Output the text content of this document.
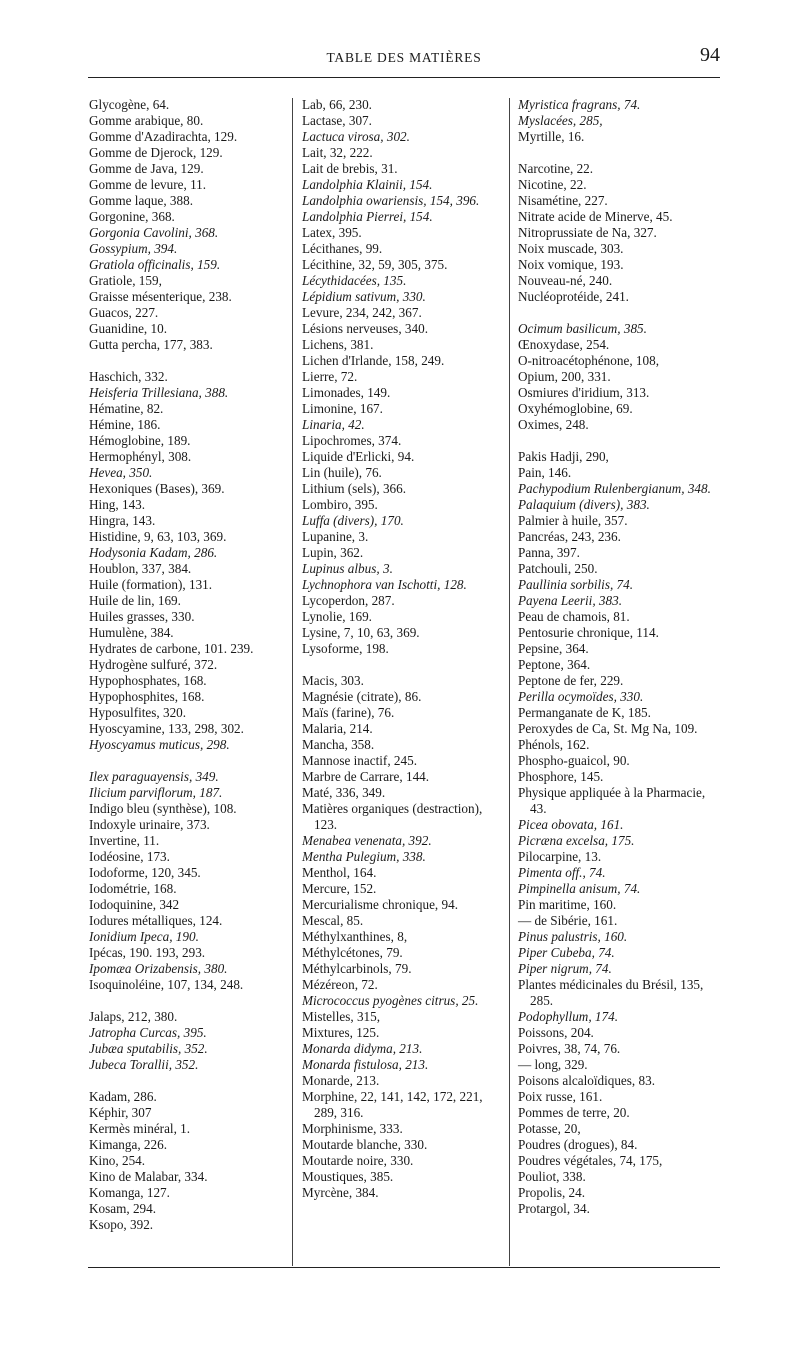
TABLE DES MATIÈRES	94

Glycogène, 64.

Gomme arabique, 80.

Gomme d'Azadirachta, 129.

Gomme de Djerock, 129.

Gomme de Java, 129.

Gomme de levure, 11.

Gomme laque, 388.

Gorgonine, 368.

Gorgonia Cavolini, 368.

Gossypium, 394.

Gratiola officinalis, 159.

Gratiole, 159,

Graisse mésenterique, 238.

Guacos, 227.

Guanidine, 10.

Gutta percha, 177, 383.

Haschich, 332.

Heisferia Trillesiana, 388.

Hématine, 82.

Hémine, 186.

Hémoglobine, 189.

Hermophényl, 308.

Hevea, 350.

Hexoniques (Bases), 369.

Hing, 143.

Hingra, 143.

Histidine, 9, 63, 103, 369.

Hodysonia Kadam, 286.

Houblon, 337, 384.

Huile (formation), 131.

Huile de lin, 169.

Huiles grasses, 330.

Humulène, 384.

Hydrates de carbone, 101. 239.

Hydrogène sulfuré, 372.

Hypophosphates, 168.

Hypophosphites, 168.

Hyposulfites, 320.

Hyoscyamine, 133, 298, 302.

Hyoscyamus muticus, 298.

Ilex paraguayensis, 349.

Ilicium parviflorum, 187.

Indigo bleu (synthèse), 108.

Indoxyle urinaire, 373.

Invertine, 11.

Iodéosine, 173.

Iodoforme, 120, 345.

Iodométrie, 168.

Iodoquinine, 342

Iodures métalliques, 124.

Ionidium Ipeca, 190.

Ipécas, 190. 193, 293.

Ipomæa Orizabensis, 380.

Isoquinoléine, 107, 134, 248.

Jalaps, 212, 380.

Jatropha Curcas, 395.

Jubæa sputabilis, 352.

Jubeca Torallii, 352.

Kadam, 286.

Képhir, 307

Kermès minéral, 1.

Kimanga, 226.

Kino, 254.

Kino de Malabar, 334.

Komanga, 127.

Kosam, 294.

Ksopo, 392.

Lab, 66, 230.

Lactase, 307.

Lactuca virosa, 302.

Lait, 32, 222.

Lait de brebis, 31.

Landolphia Klainii, 154.

Landolphia owariensis, 154, 396.

Landolphia Pierrei, 154.

Latex, 395.

Lécithanes, 99.

Lécithine, 32, 59, 305, 375.

Lécythidacées, 135.

Lépidium sativum, 330.

Levure, 234, 242, 367.

Lésions nerveuses, 340.

Lichens, 381.

Lichen d'Irlande, 158, 249.

Lierre, 72.

Limonades, 149.

Limonine, 167.

Linaria, 42.

Lipochromes, 374.

Liquide d'Erlicki, 94.

Lin (huile), 76.

Lithium (sels), 366.

Lombiro, 395.

Luffa (divers), 170.

Lupanine, 3.

Lupin, 362.

Lupinus albus, 3.

Lychnophora van Ischotti, 128.

Lycoperdon, 287.

Lynolie, 169.

Lysine, 7, 10, 63, 369.

Lysoforme, 198.

Macis, 303.

Magnésie (citrate), 86.

Maïs (farine), 76.

Malaria, 214.

Mancha, 358.

Mannose inactif, 245.

Marbre de Carrare, 144.

Maté, 336, 349.

Matières organiques (destraction), 123.

Menabea venenata, 392.

Mentha Pulegium, 338.

Menthol, 164.

Mercure, 152.

Mercurialisme chronique, 94.

Mescal, 85.

Méthylxanthines, 8,

Méthylcétones, 79.

Méthylcarbinols, 79.

Mézéreon, 72.

Micrococcus pyogènes citrus, 25.

Mistelles, 315,

Mixtures, 125.

Monarda didyma, 213.

Monarda fistulosa, 213.

Monarde, 213.

Morphine, 22, 141, 142, 172, 221, 289, 316.

Morphinisme, 333.

Moutarde blanche, 330.

Moutarde noire, 330.

Moustiques, 385.

Myrcène, 384.

Myristica fragrans, 74.

Myslacées, 285,

Myrtille, 16.

Narcotine, 22.

Nicotine, 22.

Nisamétine, 227.

Nitrate acide de Minerve, 45.

Nitroprussiate de Na, 327.

Noix muscade, 303.

Noix vomique, 193.

Nouveau-né, 240.

Nucléoprotéide, 241.

Ocimum basilicum, 385.

Œnoxydase, 254.

O-nitroacétophénone, 108,

Opium, 200, 331.

Osmiures d'iridium, 313.

Oxyhémoglobine, 69.

Oximes, 248.

Pakis Hadji, 290,

Pain, 146.

Pachypodium Rulenbergianum, 348.

Palaquium (divers), 383.

Palmier à huile, 357.

Pancréas, 243, 236.

Panna, 397.

Patchouli, 250.

Paullinia sorbilis, 74.

Payena Leerii, 383.

Peau de chamois, 81.

Pentosurie chronique, 114.

Pepsine, 364.

Peptone, 364.

Peptone de fer, 229.

Perilla ocymoïdes, 330.

Permanganate de K, 185.

Peroxydes de Ca, St. Mg Na, 109.

Phénols, 162.

Phospho-guaicol, 90.

Phosphore, 145.

Physique appliquée à la Pharmacie, 43.

Picea obovata, 161.

Picræna excelsa, 175.

Pilocarpine, 13.

Pimenta off., 74.

Pimpinella anisum, 74.

Pin maritime, 160.

— de Sibérie, 161.

Pinus palustris, 160.

Piper Cubeba, 74.

Piper nigrum, 74.

Plantes médicinales du Brésil, 135, 285.

Podophyllum, 174.

Poissons, 204.

Poivres, 38, 74, 76.

— long, 329.

Poisons alcaloïdiques, 83.

Poix russe, 161.

Pommes de terre, 20.

Potasse, 20,

Poudres (drogues), 84.

Poudres végétales, 74, 175,

Pouliot, 338.

Propolis, 24.

Protargol, 34.
